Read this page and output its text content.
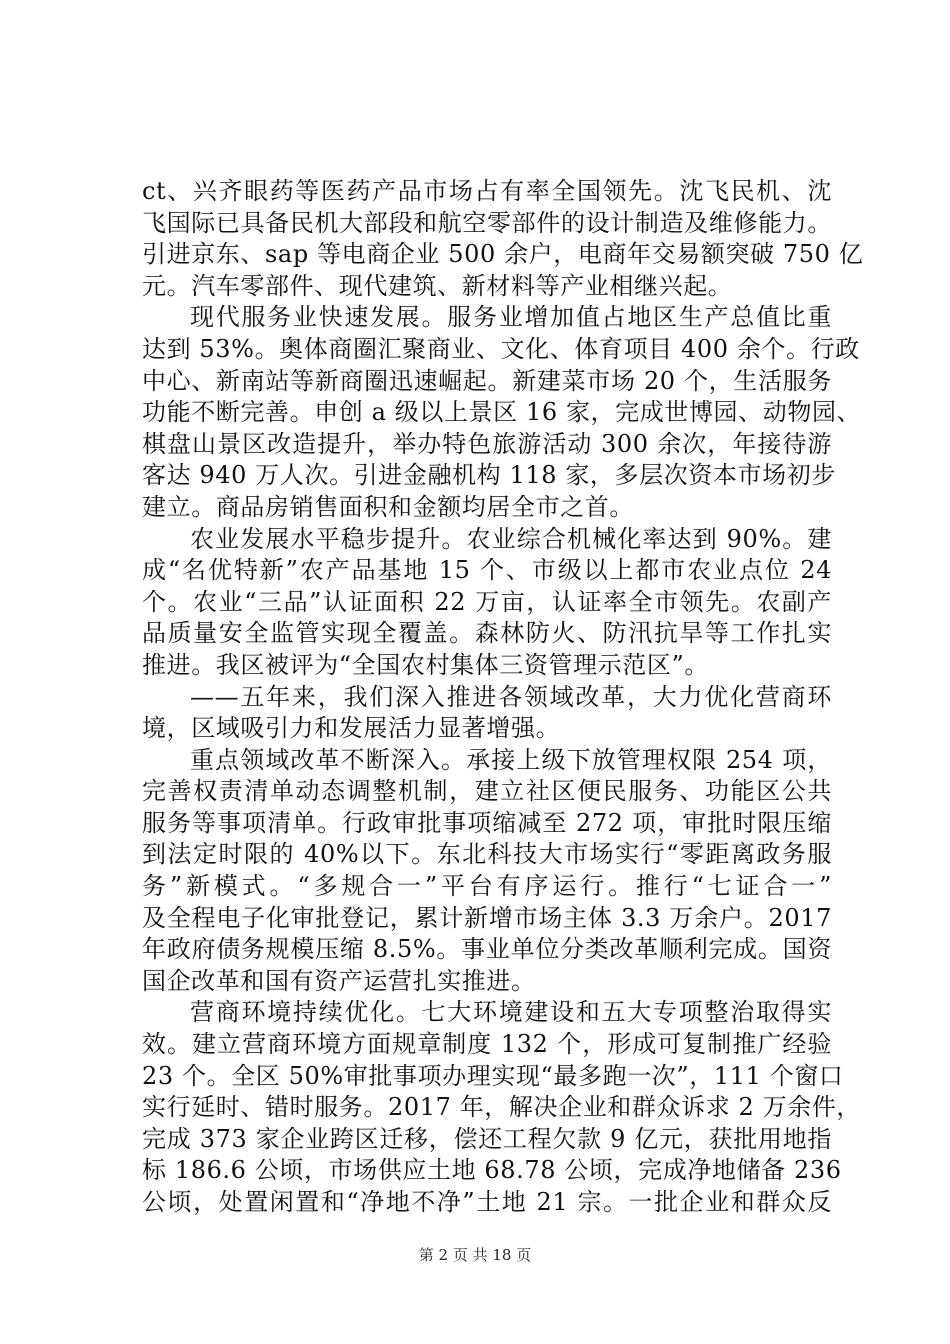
ct、兴齐眼药等医药产品市场占有率全国领先。沈飞民机、沈
飞国际已具备民机大部段和航空零部件的设计制造及维修能力。
引进京东、sap 等电商企业 500 余户，电商年交易额突破 750 亿
元。汽车零部件、现代建筑、新材料等产业相继兴起。
现代服务业快速发展。服务业增加值占地区生产总值比重
达到 53%。奥体商圈汇聚商业、文化、体育项目 400 余个。行政
中心、新南站等新商圈迅速崛起。新建菜市场 20 个，生活服务
功能不断完善。申创 a 级以上景区 16 家，完成世博园、动物园、
棋盘山景区改造提升，举办特色旅游活动 300 余次，年接待游
客达 940 万人次。引进金融机构 118 家，多层次资本市场初步
建立。商品房销售面积和金额均居全市之首。
农业发展水平稳步提升。农业综合机械化率达到 90%。建
成“名优特新”农产品基地 15 个、市级以上都市农业点位 24
个。农业“三品”认证面积 22 万亩，认证率全市领先。农副产
品质量安全监管实现全覆盖。森林防火、防汛抗旱等工作扎实
推进。我区被评为“全国农村集体三资管理示范区”。
——五年来，我们深入推进各领域改革，大力优化营商环
境，区域吸引力和发展活力显著增强。
重点领域改革不断深入。承接上级下放管理权限 254 项，
完善权责清单动态调整机制，建立社区便民服务、功能区公共
服务等事项清单。行政审批事项缩减至 272 项，审批时限压缩
到法定时限的 40%以下。东北科技大市场实行“零距离政务服
务”新模式。“多规合一”平台有序运行。推行“七证合一”
及全程电子化审批登记，累计新增市场主体 3.3 万余户。2017
年政府债务规模压缩 8.5%。事业单位分类改革顺利完成。国资
国企改革和国有资产运营扎实推进。
营商环境持续优化。七大环境建设和五大专项整治取得实
效。建立营商环境方面规章制度 132 个，形成可复制推广经验
23 个。全区 50%审批事项办理实现“最多跑一次”，111 个窗口
实行延时、错时服务。2017 年，解决企业和群众诉求 2 万余件，
完成 373 家企业跨区迁移，偿还工程欠款 9 亿元，获批用地指
标 186.6 公顷，市场供应土地 68.78 公顷，完成净地储备 236
公顷，处置闲置和“净地不净”土地 21 宗。一批企业和群众反
第 2 页 共 18 页
